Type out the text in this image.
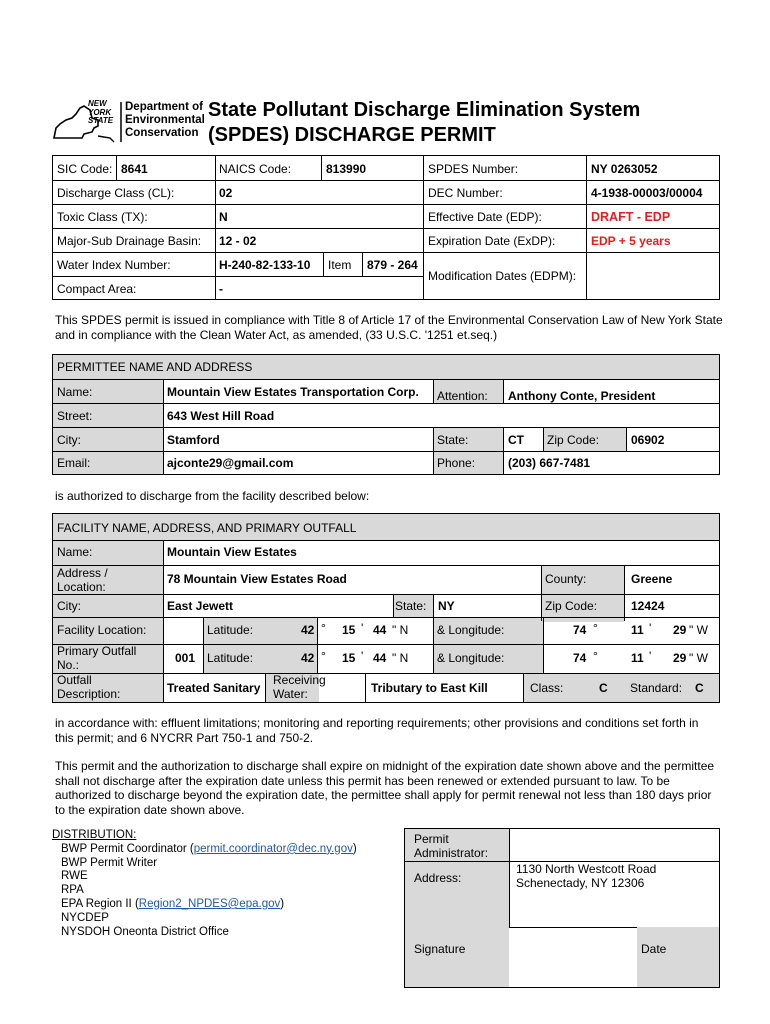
NEW
YORK
STATE
Department of
Environmental
Conservation
State Pollutant Discharge Elimination System
(SPDES) DISCHARGE PERMIT
SIC Code: 8641	NAICS Code:	813990	SPDES Number:	NY 0263052
Discharge Class (CL):	02	DEC Number:	4-1938-00003/00004
Toxic Class (TX):	N	Effective Date (EDP):	DRAFT - EDP
Major-Sub Drainage Basin: 12 - 02	Expiration Date (ExDP):	EDP + 5 years
Water Index Number:	H-240-82-133-10 Item 879 - 264
Modification Dates (EDPM):
Compact Area:	-

This SPDES permit is issued in compliance with Title 8 of Article 17 of the Environmental Conservation Law of New York State and in compliance with the Clean Water Act, as amended, (33 U.S.C. '1251 et.seq.)

PERMITTEE NAME AND ADDRESS
Name:	Mountain View Estates Transportation Corp. Attention: Anthony Conte, President
Street:	643 West Hill Road
City:	Stamford	State:	CT Zip Code:	06902
Email:	ajconte29@gmail.com	Phone:	(203) 667-7481

is authorized to discharge from the facility described below:

FACILITY NAME, ADDRESS, AND PRIMARY OUTFALL
Name:	Mountain View Estates
Address /
Location:
78 Mountain View Estates Road	County:	Greene
City:	East Jewett	State: NY	Zip Code:	12424
Facility Location:	Latitude:	42 ° 15 ' 44 " N & Longitude:	74 °	11 ' 29 " W
Primary Outfall
No.:	001 Latitude:	42 ° 15 ' 44 " N & Longitude:	74 °	11 ' 29 " W
Outfall
Description:	Treated Sanitary
Receiving
Water:	Tributary to East Kill	Class:	C Standard: C

in accordance with: effluent limitations; monitoring and reporting requirements; other provisions and conditions set forth in this permit; and 6 NYCRR Part 750-1 and 750-2.

This permit and the authorization to discharge shall expire on midnight of the expiration date shown above and the permittee shall not discharge after the expiration date unless this permit has been renewed or extended pursuant to law. To be authorized to discharge beyond the expiration date, the permittee shall apply for permit renewal not less than 180 days prior to the expiration date shown above.

DISTRIBUTION:
BWP Permit Coordinator (permit.coordinator@dec.ny.gov)
BWP Permit Writer
RWE
RPA
EPA Region II (Region2_NPDES@epa.gov)
NYCDEP
NYSDOH Oneonta District Office
Permit
Administrator:
Address:
1130 North Westcott Road
Schenectady, NY 12306
Signature	Date
